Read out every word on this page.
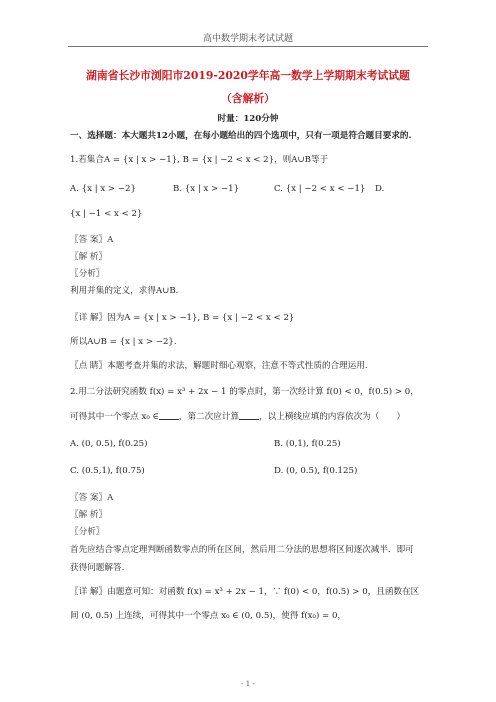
高中数学期末考试试题
湖南省长沙市浏阳市2019-2020学年高一数学上学期期末考试试题
（含解析）
时量：120分钟
一、选择题：本大题共12小题，在每小题给出的四个选项中，只有一项是符合题目要求的.
1.若集合A = {x | x > −1}, B = {x | −2 < x < 2}，则A∪B等于
A. {x | x > −2}	B. {x | x > −1}	C. {x | −2 < x < −1} D.
{x | −1 < x < 2}
〖答 案〗A
〖解 析〗
〖分析〗
利用并集的定义，求得A∪B.
〖详 解〗因为A = {x | x > −1}, B = {x | −2 < x < 2}
所以A∪B = {x | x > −2}.
〖点 睛〗本题考查并集的求法，解题时细心观察，注意不等式性质的合理运用.
2.用二分法研究函数 f(x) = x³ + 2x − 1 的零点时，第一次经计算 f(0) < 0，f(0.5) > 0，
可得其中一个零点 x₀ ∈ ，第二次应计算 ，以上横线应填的内容依次为（　　）
A. (0, 0.5), f(0.25)	B. (0,1), f(0.25)
C. (0.5,1), f(0.75)	D. (0, 0.5), f(0.125)
〖答 案〗A
〖解 析〗
〖分析〗
首先应结合零点定理判断函数零点的所在区间，然后用二分法的思想将区间逐次减半．即可
获得问题解答.
〖详 解〗由题意可知：对函数 f(x) = x³ + 2x − 1，∵ f(0) < 0，f(0.5) > 0，且函数在区
间 (0, 0.5) 上连续，可得其中一个零点 x₀ ∈ (0, 0.5)，使得 f(x₀) = 0，
- 1 -
